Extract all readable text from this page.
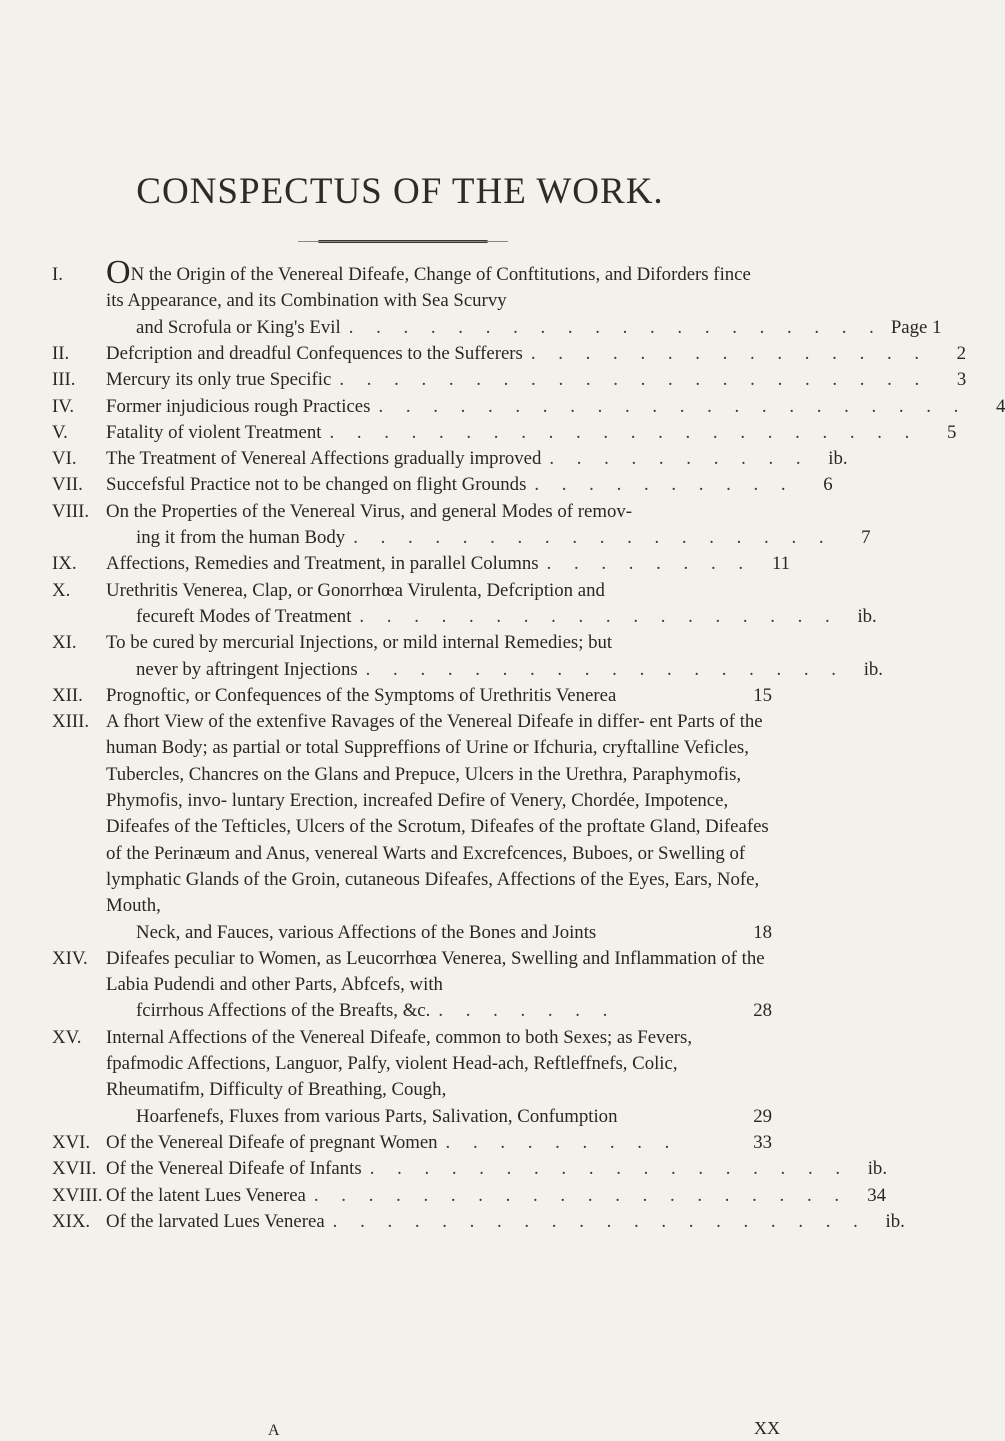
CONSPECTUS OF THE WORK.
I.	ON the Origin of the Venereal Difeafe, Change of Conftitutions, and Diforders fince its Appearance, and its Combination with Sea Scurvy
and Scrofula or King's Evil . . . . . . . . . . . . . . . . . . . . Page 1
II.	Defcription and dreadful Confequences to the Sufferers . . . . . . . . . . . . . . .	2
III.	Mercury its only true Specific . . . . . . . . . . . . . . . . . . . . . .	3
IV.	Former injudicious rough Practices . . . . . . . . . . . . . . . . . . . . . .	4
V.	Fatality of violent Treatment . . . . . . . . . . . . . . . . . . . . . .	5
VI.	The Treatment of Venereal Affections gradually improved . . . . . . . . . . ib.
VII.	Succefsful Practice not to be changed on flight Grounds . . . . . . . . . .	6
VIII. On the Properties of the Venereal Virus, and general Modes of remov-
ing it from the human Body . . . . . . . . . . . . . . . . . .	7
IX.	Affections, Remedies and Treatment, in parallel Columns . . . . . . . .	11
X.	Urethritis Venerea, Clap, or Gonorrhœa Virulenta, Defcription and
fecureft Modes of Treatment . . . . . . . . . . . . . . . . . . ib.
XI.	To be cured by mercurial Injections, or mild internal Remedies; but
never by aftringent Injections . . . . . . . . . . . . . . . . . . ib.
XII.	Prognoftic, or Confequences of the Symptoms of Urethritis Venerea	15
XIII. A fhort View of the extenfive Ravages of the Venereal Difeafe in differ- ent Parts of the human Body; as partial or total Suppreffions of Urine or Ifchuria, cryftalline Veficles, Tubercles, Chancres on the Glans and Prepuce, Ulcers in the Urethra, Paraphymofis, Phymofis, invo- luntary Erection, increafed Defire of Venery, Chordée, Impotence, Difeafes of the Tefticles, Ulcers of the Scrotum, Difeafes of the proftate Gland, Difeafes of the Perinæum and Anus, venereal Warts and Excrefcences, Buboes, or Swelling of lymphatic Glands of the Groin, cutaneous Difeafes, Affections of the Eyes, Ears, Nofe, Mouth,
Neck, and Fauces, various Affections of the Bones and Joints	18
XIV. Difeafes peculiar to Women, as Leucorrhœa Venerea, Swelling and Inflammation of the Labia Pudendi and other Parts, Abfcefs, with
fcirrhous Affections of the Breafts, &c. . . . . . . .	28
XV.	Internal Affections of the Venereal Difeafe, common to both Sexes; as Fevers, fpafmodic Affections, Languor, Palfy, violent Head-ach, Reftleffnefs, Colic, Rheumatifm, Difficulty of Breathing, Cough,
Hoarfenefs, Fluxes from various Parts, Salivation, Confumption	29
XVI. Of the Venereal Difeafe of pregnant Women . . . . . . . . .	33
XVII. Of the Venereal Difeafe of Infants . . . . . . . . . . . . . . . . . . ib.
XVIII. Of the latent Lues Venerea . . . . . . . . . . . . . . . . . . . .	34
XIX. Of the larvated Lues Venerea . . . . . . . . . . . . . . . . . . . . ib.
A	XX
